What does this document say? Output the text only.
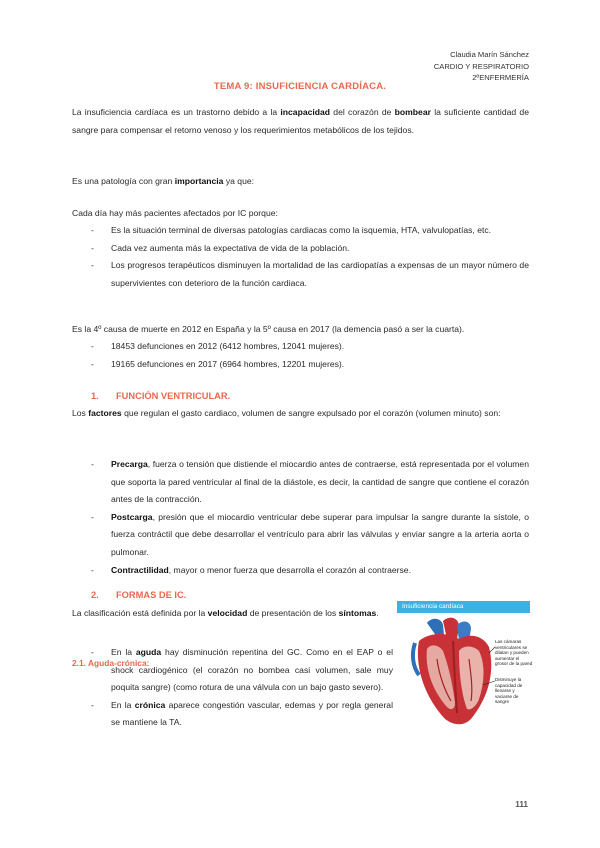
Claudia Marín Sánchez
CARDIO Y RESPIRATORIO
2ºENFERMERÍA
TEMA 9: INSUFICIENCIA CARDÍACA.
La insuficiencia cardíaca es un trastorno debido a la incapacidad del corazón de bombear la suficiente cantidad de sangre para compensar el retorno venoso y los requerimientos metabólicos de los tejidos.
Es una patología con gran importancia ya que:
Cada día hay más pacientes afectados por IC porque:
- Es la situación terminal de diversas patologías cardiacas como la isquemia, HTA, valvulopatías, etc.
- Cada vez aumenta más la expectativa de vida de la población.
- Los progresos terapéuticos disminuyen la mortalidad de las cardiopatías a expensas de un mayor número de supervivientes con deterioro de la función cardiaca.
Es la 4º causa de muerte en 2012 en España y la 5º causa en 2017 (la demencia pasó a ser la cuarta).
- 18453 defunciones en 2012 (6412 hombres, 12041 mujeres).
- 19165 defunciones en 2017 (6964 hombres, 12201 mujeres).
1. FUNCIÓN VENTRICULAR.
Los factores que regulan el gasto cardiaco, volumen de sangre expulsado por el corazón (volumen minuto) son:
- Precarga, fuerza o tensión que distiende el miocardio antes de contraerse, está representada por el volumen que soporta la pared ventricular al final de la diástole, es decir, la cantidad de sangre que contiene el corazón antes de la contracción.
- Postcarga, presión que el miocardio ventricular debe superar para impulsar la sangre durante la sístole, o fuerza contráctil que debe desarrollar el ventrículo para abrir las válvulas y enviar sangre a la arteria aorta o pulmonar.
- Contractilidad, mayor o menor fuerza que desarrolla el corazón al contraerse.
2. FORMAS DE IC.
La clasificación está definida por la velocidad de presentación de los síntomas.
2.1. Aguda-crónica:
- En la aguda hay disminución repentina del GC. Como en el EAP o el shock cardiogénico (el corazón no bombea casi volumen, sale muy poquita sangre) (como rotura de una válvula con un bajo gasto severo).
- En la crónica aparece congestión vascular, edemas y por regla general se mantiene la TA.
Insuficiencia cardíaca
Las cámaras ventriculares se dilatan y pueden aumentar el grosor de la pared
Disminuye la capacidad de llenarse y vaciarse de sangre
111
